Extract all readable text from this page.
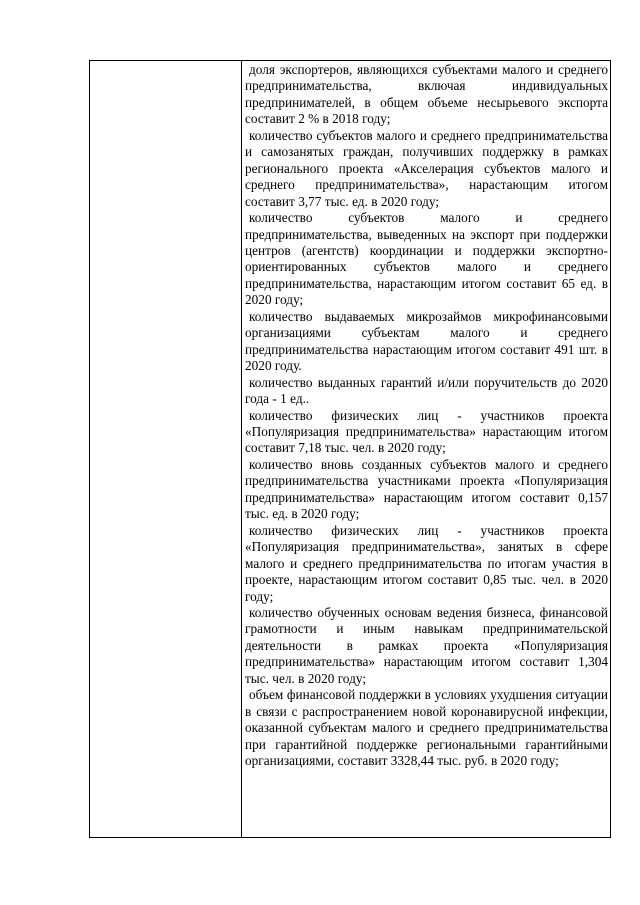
доля экспортеров, являющихся субъектами малого и среднего предпринимательства, включая индивидуальных предпринимателей, в общем объеме несырьевого экспорта составит 2 % в 2018 году;

количество субъектов малого и среднего предпринимательства и самозанятых граждан, получивших поддержку в рамках регионального проекта «Акселерация субъектов малого и среднего предпринимательства», нарастающим итогом составит 3,77 тыс. ед. в 2020 году;

количество субъектов малого и среднего предпринимательства, выведенных на экспорт при поддержки центров (агентств) координации и поддержки экспортно-ориентированных субъектов малого и среднего предпринимательства, нарастающим итогом составит 65 ед. в 2020 году;

количество выдаваемых микрозаймов микрофинансовыми организациями субъектам малого и среднего предпринимательства нарастающим итогом составит 491 шт. в 2020 году.

количество выданных гарантий и/или поручительств до 2020 года - 1 ед..

количество физических лиц - участников проекта «Популяризация предпринимательства» нарастающим итогом составит 7,18 тыс. чел. в 2020 году;

количество вновь созданных субъектов малого и среднего предпринимательства участниками проекта «Популяризация предпринимательства» нарастающим итогом составит 0,157 тыс. ед. в 2020 году;

количество физических лиц - участников проекта «Популяризация предпринимательства», занятых в сфере малого и среднего предпринимательства по итогам участия в проекте, нарастающим итогом составит 0,85 тыс. чел. в 2020 году;

количество обученных основам ведения бизнеса, финансовой грамотности и иным навыкам предпринимательской деятельности в рамках проекта «Популяризация предпринимательства» нарастающим итогом составит 1,304 тыс. чел. в 2020 году;

объем финансовой поддержки в условиях ухудшения ситуации в связи с распространением новой коронавирусной инфекции, оказанной субъектам малого и среднего предпринимательства при гарантийной поддержке региональными гарантийными организациями, составит 3328,44 тыс. руб. в 2020 году;
